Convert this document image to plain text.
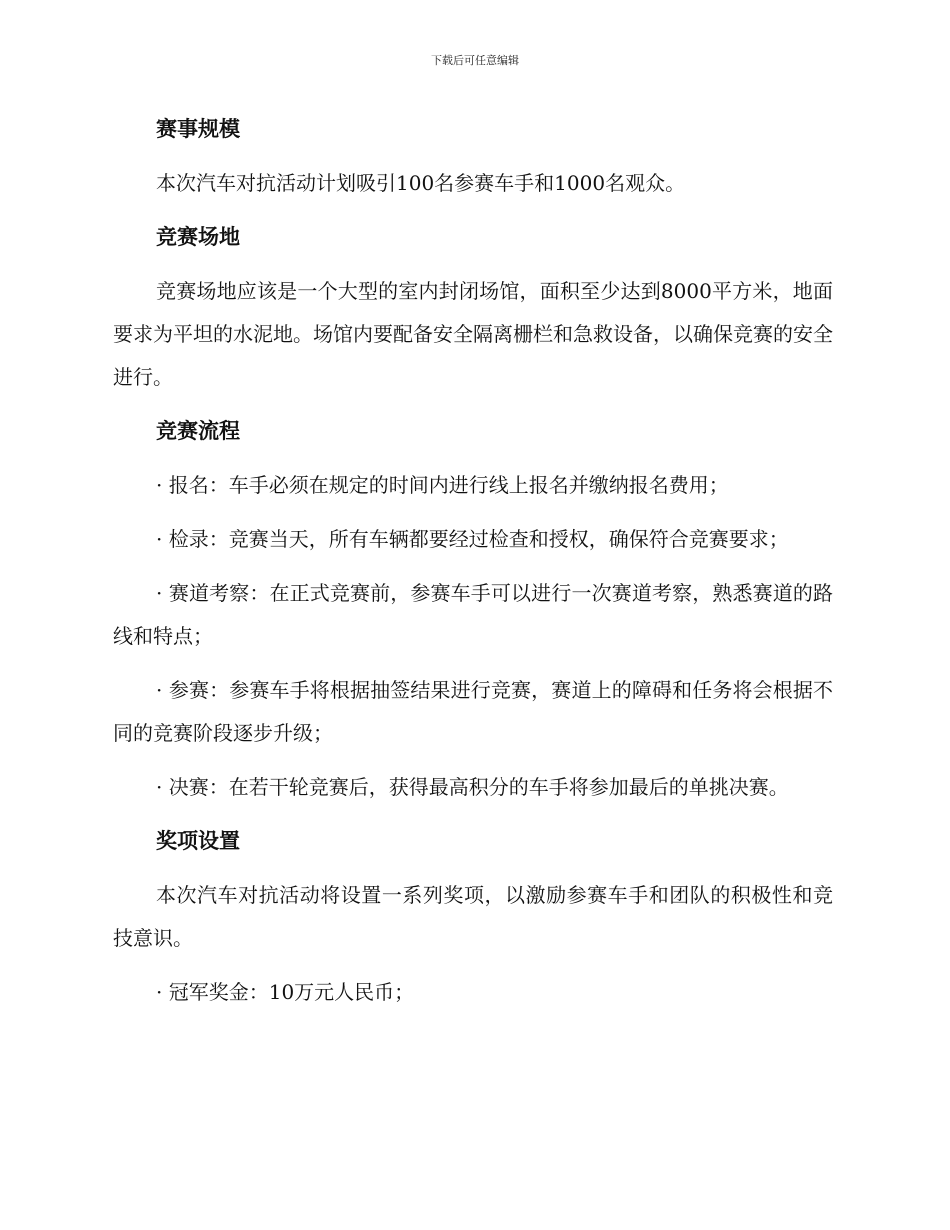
下载后可任意编辑
赛事规模

本次汽车对抗活动计划吸引100名参赛车手和1000名观众。

竞赛场地

竞赛场地应该是一个大型的室内封闭场馆，面积至少达到8000平方米，地面要求为平坦的水泥地。场馆内要配备安全隔离栅栏和急救设备，以确保竞赛的安全进行。

竞赛流程

· 报名：车手必须在规定的时间内进行线上报名并缴纳报名费用；

· 检录：竞赛当天，所有车辆都要经过检查和授权，确保符合竞赛要求；

· 赛道考察：在正式竞赛前，参赛车手可以进行一次赛道考察，熟悉赛道的路线和特点；

· 参赛：参赛车手将根据抽签结果进行竞赛，赛道上的障碍和任务将会根据不同的竞赛阶段逐步升级；

· 决赛：在若干轮竞赛后，获得最高积分的车手将参加最后的单挑决赛。

奖项设置

本次汽车对抗活动将设置一系列奖项，以激励参赛车手和团队的积极性和竞技意识。

· 冠军奖金：10万元人民币；
